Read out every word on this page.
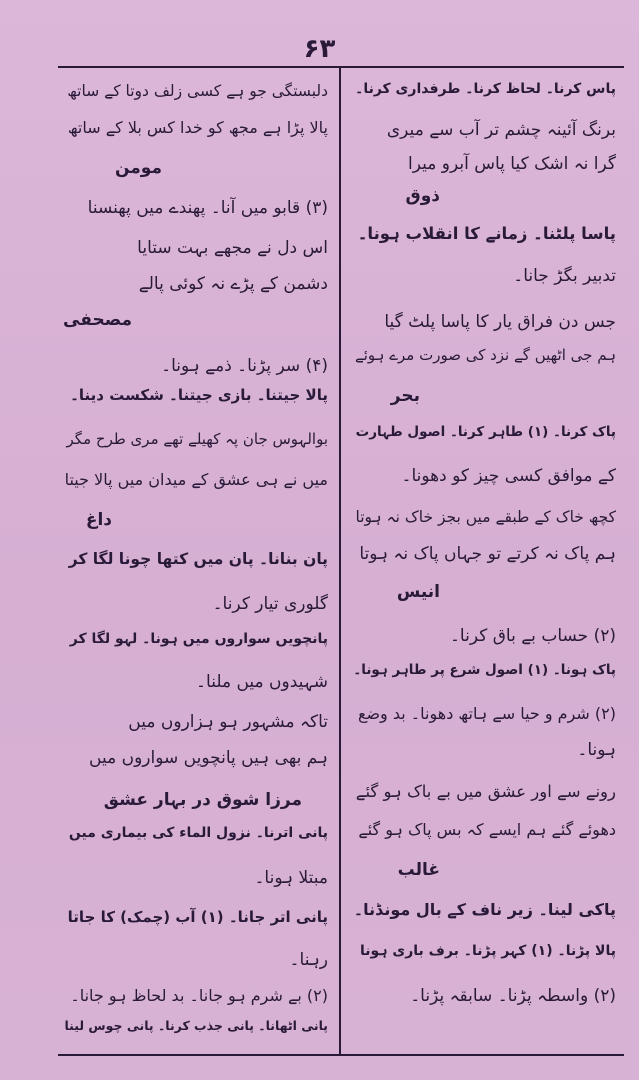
۶۳
پاس کرنا۔ لحاظ کرنا۔ طرفداری کرنا۔
برنگ آئینہ چشم تر آب سے میری
گرا نہ اشک کیا پاس آبرو میرا
ذوق
پاسا پلٹنا۔ زمانے کا انقلاب ہونا۔
تدبیر بگڑ جانا۔
جس دن فراق یار کا پاسا پلٹ گیا
ہم جی اٹھیں گے نزد کی صورت مرے ہوئے
بحر
پاک کرنا۔ (۱) طاہر کرنا۔ اصول طہارت
کے موافق کسی چیز کو دھونا۔
کچھ خاک کے طبقے میں بجز خاک نہ ہوتا
ہم پاک نہ کرتے تو جہاں پاک نہ ہوتا
انیس
(۲) حساب بے باق کرنا۔
پاک ہونا۔ (۱) اصول شرع پر طاہر ہونا۔
(۲) شرم و حیا سے ہاتھ دھونا۔ بد وضع
ہونا۔
رونے سے اور عشق میں بے باک ہو گئے
دھوئے گئے ہم ایسے کہ بس پاک ہو گئے
غالب
پاکی لینا۔ زیر ناف کے بال مونڈنا۔
پالا پڑنا۔ (۱) کہر پڑنا۔ برف باری ہونا
(۲) واسطہ پڑنا۔ سابقہ پڑنا۔
دلبستگی جو ہے کسی زلف دوتا کے ساتھ
پالا پڑا ہے مجھ کو خدا کس بلا کے ساتھ
مومن
(۳) قابو میں آنا۔ پھندے میں پھنسنا
اس دل نے مجھے بہت ستایا
دشمن کے پڑے نہ کوئی پالے
مصحفی
(۴) سر پڑنا۔ ذمے ہونا۔
پالا جیتنا۔ بازی جیتنا۔ شکست دینا۔
بوالہوس جان پہ کھیلے تھے مری طرح مگر
میں نے ہی عشق کے میدان میں پالا جیتا
داغ
پان بنانا۔ پان میں کتھا چونا لگا کر
گلوری تیار کرنا۔
پانچویں سواروں میں ہونا۔ لہو لگا کر
شہیدوں میں ملنا۔
تاکہ مشہور ہو ہزاروں میں
ہم بھی ہیں پانچویں سواروں میں
مرزا شوق در بہار عشق
پانی اترنا۔ نزول الماء کی بیماری میں
مبتلا ہونا۔
پانی اتر جانا۔ (۱) آب (چمک) کا جاتا
رہنا۔
(۲) بے شرم ہو جانا۔ بد لحاظ ہو جانا۔
پانی اٹھانا۔ پانی جذب کرنا۔ پانی چوس لینا
